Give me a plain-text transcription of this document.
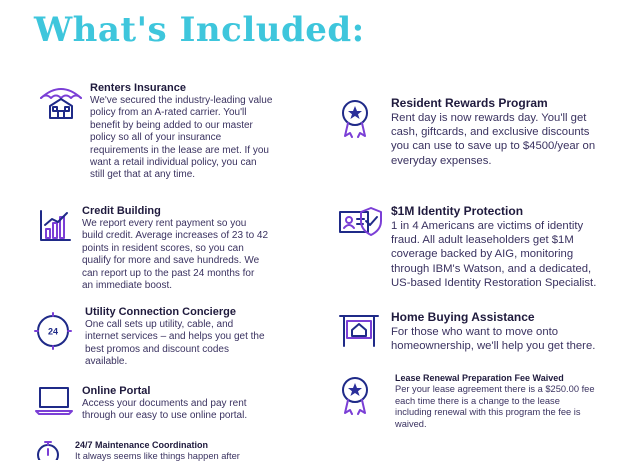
What's Included:
Renters Insurance

We've secured the industry-leading value

policy from an A-rated carrier. You'll

benefit by being added to our master

policy so all of your insurance

requirements in the lease are met. If you

want a retail individual policy, you can

still get that at any time.

Credit Building

We report every rent payment so you

build credit. Average increases of 23 to 42

points in resident scores, so you can

qualify for more and save hundreds. We

can report up to the past 24 months for

an immediate boost.

24
Utility Connection Concierge

One call sets up utility, cable, and

internet services – and helps you get the

best promos and discount codes

available.

Online Portal

Access your documents and pay rent

through our easy to use online portal.

24/7 Maintenance Coordination

It always seems like things happen after

Resident Rewards Program

Rent day is now rewards day. You'll get

cash, giftcards, and exclusive discounts

you can use to save up to $4500/year on

everyday expenses.

$1M Identity Protection

1 in 4 Americans are victims of identity

fraud. All adult leaseholders get $1M

coverage backed by AIG, monitoring

through IBM's Watson, and a dedicated,

US-based Identity Restoration Specialist.

Home Buying Assistance

For those who want to move onto

homeownership, we'll help you get there.

Lease Renewal Preparation Fee Waived

Per your lease agreement there is a $250.00 fee

each time there is a change to the lease

including renewal with this program the fee is

waived.
